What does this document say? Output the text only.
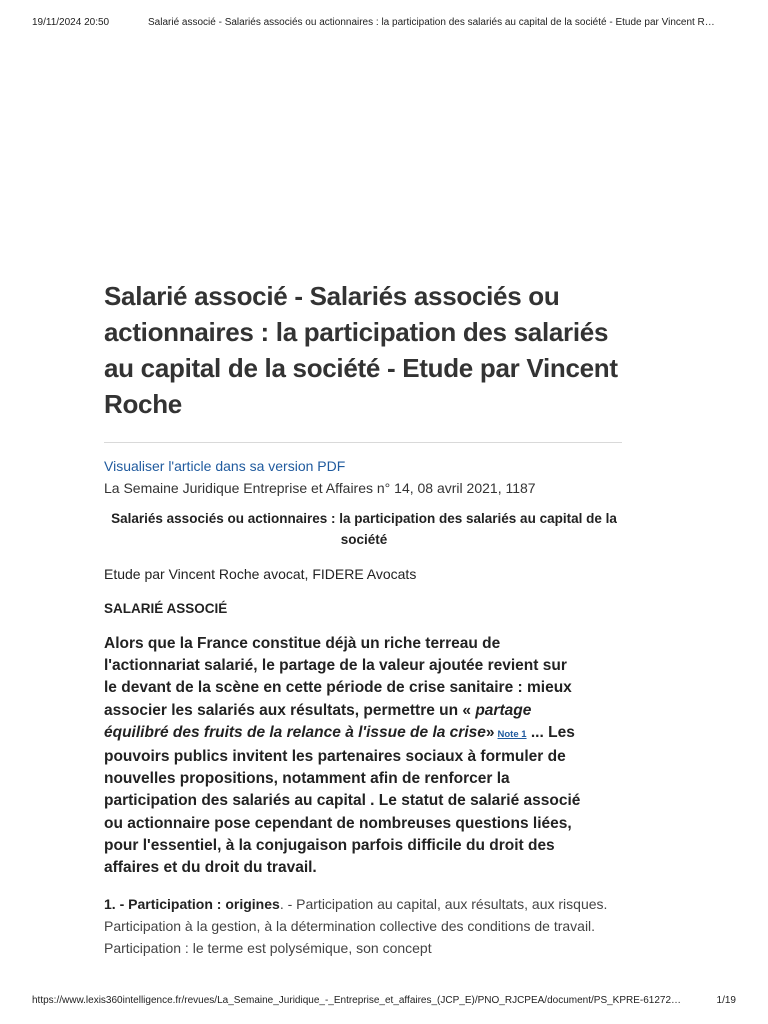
19/11/2024 20:50	Salarié associé - Salariés associés ou actionnaires : la participation des salariés au capital de la société - Etude par Vincent R…
Salarié associé - Salariés associés ou actionnaires : la participation des salariés au capital de la société - Etude par Vincent Roche
Visualiser l'article dans sa version PDF
La Semaine Juridique Entreprise et Affaires n° 14, 08 avril 2021, 1187
Salariés associés ou actionnaires : la participation des salariés au capital de la société
Etude par Vincent Roche avocat, FIDERE Avocats
SALARIÉ ASSOCIÉ
Alors que la France constitue déjà un riche terreau de l'actionnariat salarié, le partage de la valeur ajoutée revient sur le devant de la scène en cette période de crise sanitaire : mieux associer les salariés aux résultats, permettre un « partage équilibré des fruits de la relance à l'issue de la crise» Note 1 ... Les pouvoirs publics invitent les partenaires sociaux à formuler de nouvelles propositions, notamment afin de renforcer la participation des salariés au capital . Le statut de salarié associé ou actionnaire pose cependant de nombreuses questions liées, pour l'essentiel, à la conjugaison parfois difficile du droit des affaires et du droit du travail.
1. - Participation : origines. - Participation au capital, aux résultats, aux risques. Participation à la gestion, à la détermination collective des conditions de travail. Participation : le terme est polysémique, son concept
https://www.lexis360intelligence.fr/revues/La_Semaine_Juridique_-_Entreprise_et_affaires_(JCP_E)/PNO_RJCPEA/document/PS_KPRE-61272…	1/19
